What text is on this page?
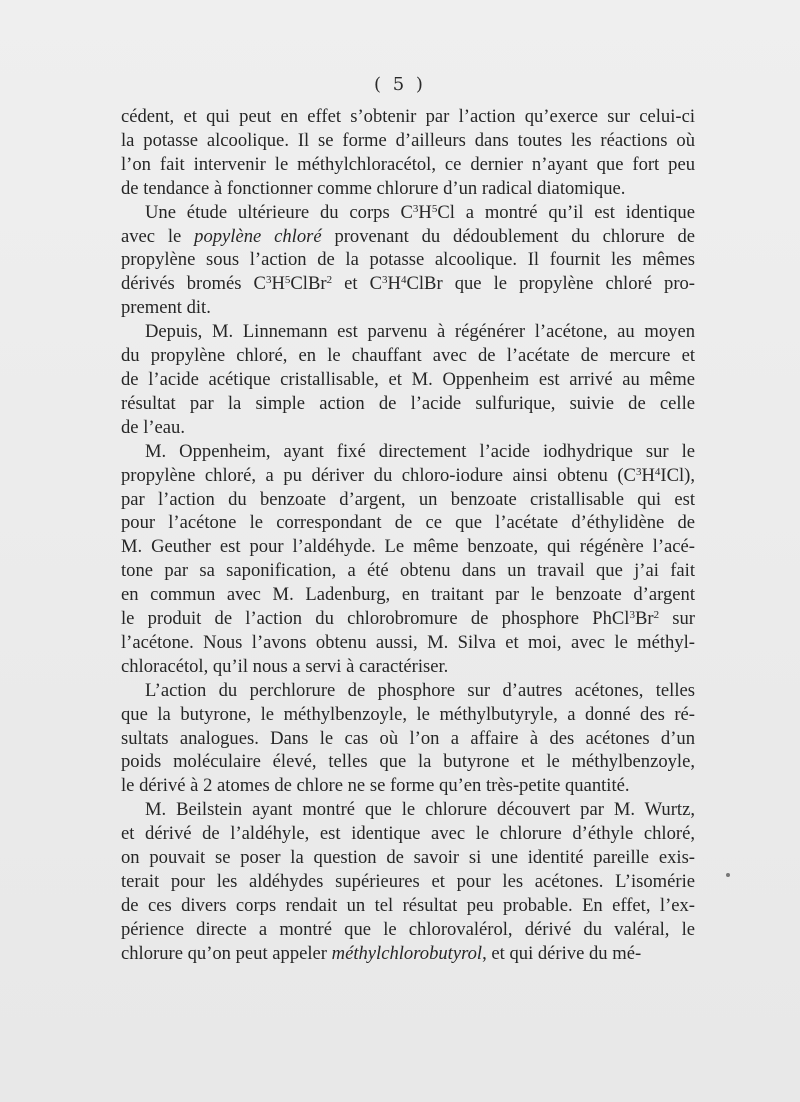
( 5 )
cédent, et qui peut en effet s’obtenir par l’action qu’exerce sur celui-ci
la potasse alcoolique. Il se forme d’ailleurs dans toutes les réactions où
l’on fait intervenir le méthylchloracétol, ce dernier n’ayant que fort peu
de tendance à fonctionner comme chlorure d’un radical diatomique.
Une étude ultérieure du corps $C^3H^5Cl$ a montré qu’il est identique
avec le popylène chloré provenant du dédoublement du chlorure de
propylène sous l’action de la potasse alcoolique. Il fournit les mêmes
dérivés bromés $C^3H^5ClBr^2$ et $C^3H^4ClBr$ que le propylène chloré pro-
prement dit.
Depuis, M. Linnemann est parvenu à régénérer l’acétone, au moyen
du propylène chloré, en le chauffant avec de l’acétate de mercure et
de l’acide acétique cristallisable, et M. Oppenheim est arrivé au même
résultat par la simple action de l’acide sulfurique, suivie de celle
de l’eau.
M. Oppenheim, ayant fixé directement l’acide iodhydrique sur le
propylène chloré, a pu dériver du chloro-iodure ainsi obtenu $(C^3H^4ICl)$,
par l’action du benzoate d’argent, un benzoate cristallisable qui est
pour l’acétone le correspondant de ce que l’acétate d’éthylidène de
M. Geuther est pour l’aldéhyde. Le même benzoate, qui régénère l’acé-
tone par sa saponification, a été obtenu dans un travail que j’ai fait
en commun avec M. Ladenburg, en traitant par le benzoate d’argent
le produit de l’action du chlorobromure de phosphore PhCl$^3$Br$^2$ sur
l’acétone. Nous l’avons obtenu aussi, M. Silva et moi, avec le méthyl-
chloracétol, qu’il nous a servi à caractériser.
L’action du perchlorure de phosphore sur d’autres acétones, telles
que la butyrone, le méthylbenzoyle, le méthylbutyryle, a donné des ré-
sultats analogues. Dans le cas où l’on a affaire à des acétones d’un
poids moléculaire élevé, telles que la butyrone et le méthylbenzoyle,
le dérivé à 2 atomes de chlore ne se forme qu’en très-petite quantité.
M. Beilstein ayant montré que le chlorure découvert par M. Wurtz,
et dérivé de l’aldéhyle, est identique avec le chlorure d’éthyle chloré,
on pouvait se poser la question de savoir si une identité pareille exis-
terait pour les aldéhydes supérieures et pour les acétones. L’isomérie
de ces divers corps rendait un tel résultat peu probable. En effet, l’ex-
périence directe a montré que le chlorovalérol, dérivé du valéral, le
chlorure qu’on peut appeler méthylchlorobutyrol, et qui dérive du mé-
